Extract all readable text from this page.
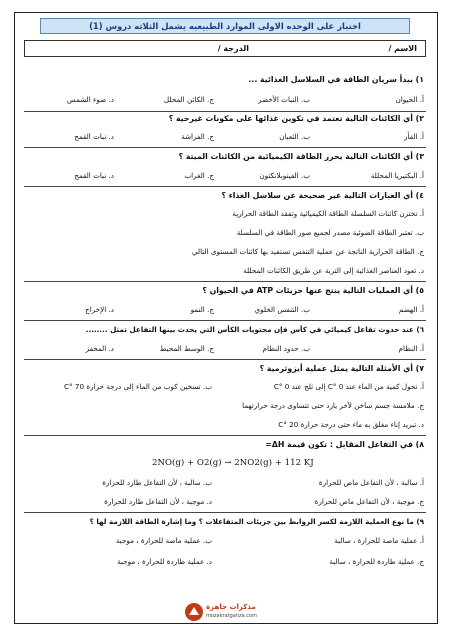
اختبار على الوحده الاولى الموارد الطبيعيه يشمل الثلاثه دروس (1)
الاسم /
الدرجة /
١) يبدأ سريان الطاقة في السلاسل الغذائية ...
أ. الحيوان
ب. النبات الأخضر
ج. الكائن المحلل
د. ضوء الشمس
٢) أي الكائنات التالية تعتمد في تكوين غذائها على مكونات غيرحية ؟
أ. الفأر
ب. الثعبان
ج. الفراشة
د. نبات القمح
٣) أي الكائنات التالية يحرر الطاقة الكيميائية من الكائنات الميتة ؟
أ. البكتيريا المحللة
ب. الفيتوبلانكتون
ج. الغراب
د. نبات القمح
٤) أي العبارات التالية غير صحيحة عن سلاسل الغذاء ؟
أ. تختزن كائنات السلسلة الطاقة الكيميائية وتفقد الطاقة الحرارية
ب. تعتبر الطاقة الضوئية مصدر لجميع صور الطاقة في السلسلة
ج. الطاقة الحرارية الناتجة عن عملية التنفس تستفيد بها كائنات المستوى التالي
د. تعود العناصر الغذائية إلى التربة عن طريق الكائنات المحللة
٥) أي العمليات التالية ينتج عنها جزيئات ATP في الحيوان ؟
أ. الهضم
ب. التنفس الخلوي
ج. النمو
د. الإخراج
٦) عند حدوث تفاعل كيميائي في كأس فإن محتويات الكأس التي يحدث بينها التفاعل تمثل ........
أ. النظام
ب. حدود النظام
ج. الوسط المحيط
د. المحفز
٧) أي الأمثلة التالية يمثل عملية أيزوثرمية ؟
أ. تحول كمية من الماء عند C° 0 إلى ثلج عند C° 0
ب. تسخين كوب من الماء إلى درجة حرارة C° 70
ج. ملامسة جسم ساخن لآخر بارد حتى تتساوى درجة حرارتهما
د. تبريد إناء مغلق به ماء حتى درجة حرارة C° 20
٨) في التفاعل المقابل : تكون قيمة ΔH=
2NO(g) + O2(g) → 2NO2(g) + 112 KJ
أ. سالبة ، لأن التفاعل ماص للحرارة
ب. سالبة ، لأن التفاعل طارد للحرارة
ج. موجبة ، لأن التفاعل ماص للحرارة
د. موجبة ، لأن التفاعل طارد للحرارة
٩) ما نوع العملية اللازمة لكسر الروابط بين جزيئات المتفاعلات ؟ وما إشارة الطاقة اللازمة لها ؟
أ. عملية ماصة للحرارة ، سالبة
ب. عملية ماصة للحرارة ، موجبة
ج. عملية طاردة للحرارة ، سالبة
د. عملية طاردة للحرارة ، موجبة
مذكرات جاهزة
mozakratgahza.com
